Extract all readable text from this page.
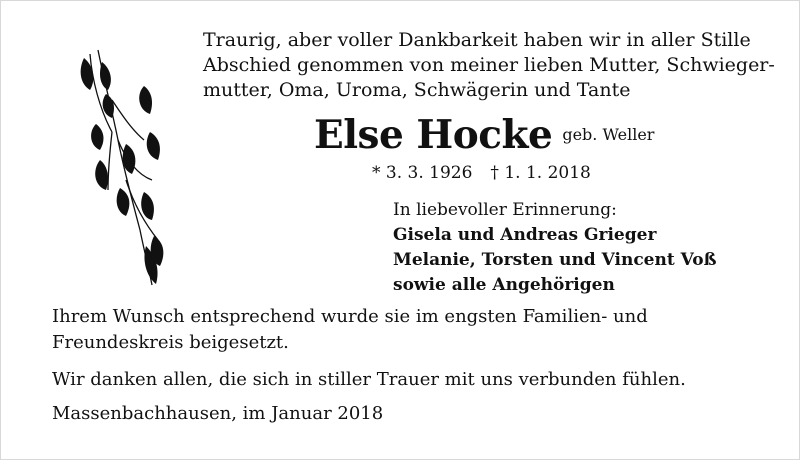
Traurig, aber voller Dankbarkeit haben wir in aller Stille
Abschied genommen von meiner lieben Mutter, Schwieger-
mutter, Oma, Uroma, Schwägerin und Tante
Else Hocke geb. Weller
* 3. 3. 1926 † 1. 1. 2018
In liebevoller Erinnerung:
Gisela und Andreas Grieger
Melanie, Torsten und Vincent Voß
sowie alle Angehörigen
Ihrem Wunsch entsprechend wurde sie im engsten Familien- und Freundeskreis beigesetzt.
Wir danken allen, die sich in stiller Trauer mit uns verbunden fühlen.
Massenbachhausen, im Januar 2018
